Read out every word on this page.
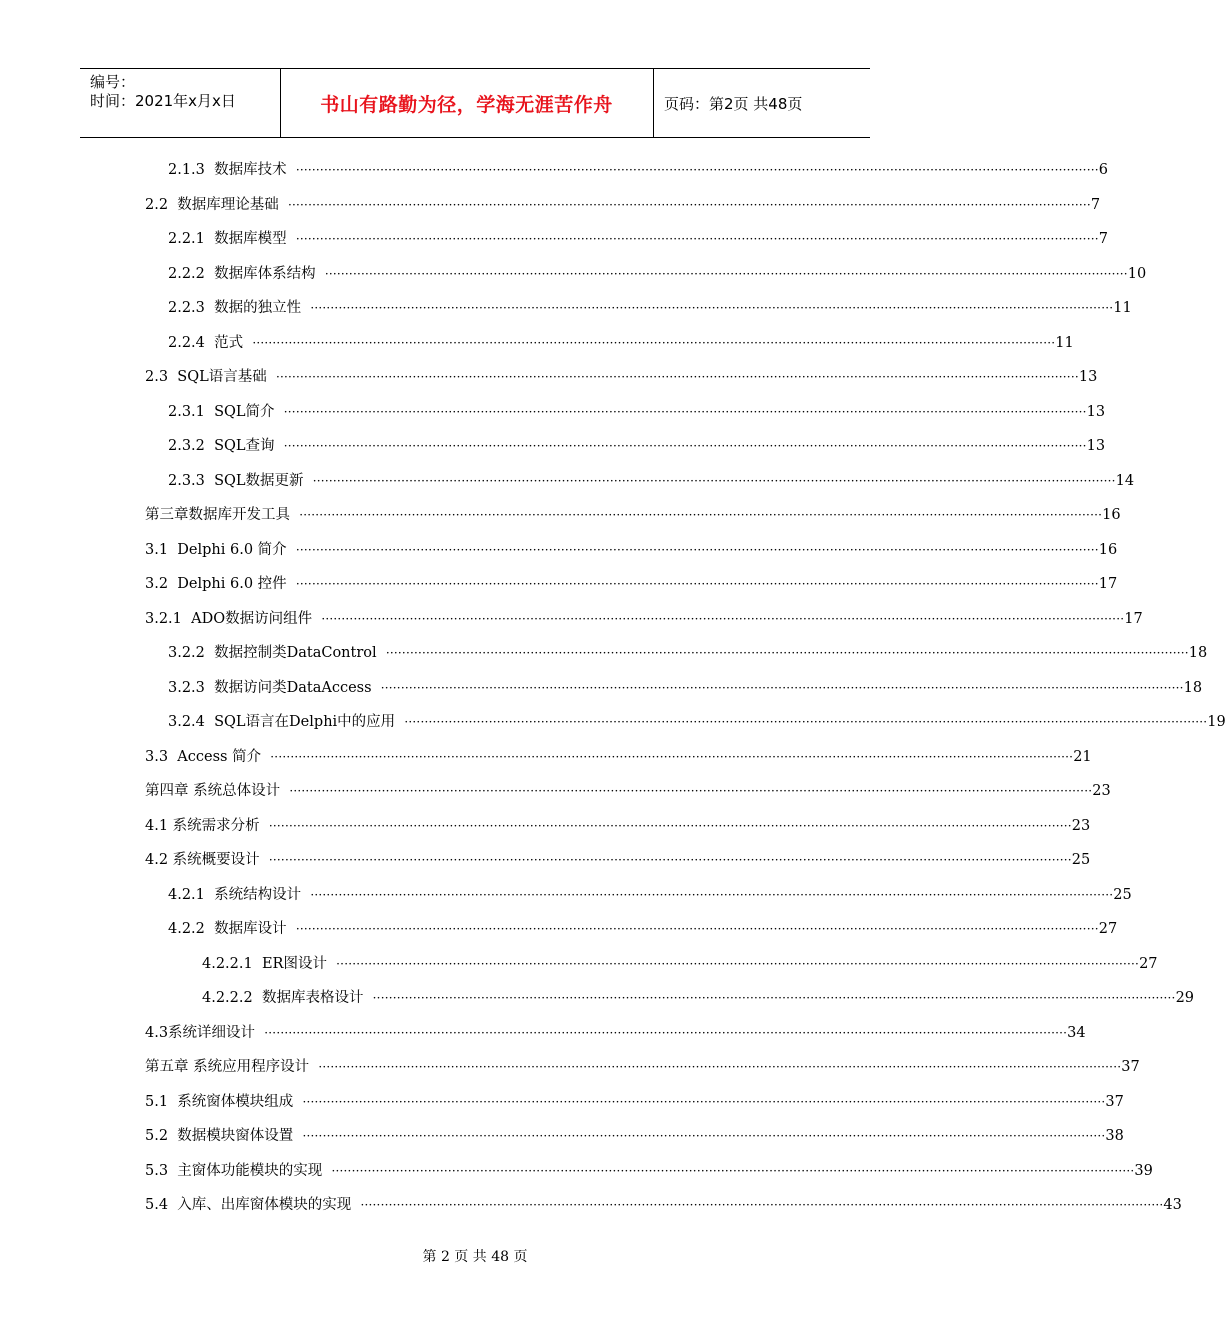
编号：
时间：2021年x月x日	书山有路勤为径，学海无涯苦作舟	页码：第2页 共48页
2.1.3  数据库技术 ········································································································································································································ 6
2.2  数据库理论基础 ········································································································································································································ 7
2.2.1  数据库模型 ········································································································································································································ 7
2.2.2  数据库体系结构 ········································································································································································································ 10
2.2.3  数据的独立性 ········································································································································································································ 11
2.2.4  范式 ········································································································································································································ 11
2.3  SQL语言基础 ········································································································································································································ 13
2.3.1  SQL简介 ········································································································································································································ 13
2.3.2  SQL查询 ········································································································································································································ 13
2.3.3  SQL数据更新 ········································································································································································································ 14
第三章数据库开发工具 ········································································································································································································ 16
3.1  Delphi 6.0 简介 ········································································································································································································ 16
3.2  Delphi 6.0 控件 ········································································································································································································ 17
3.2.1  ADO数据访问组件 ········································································································································································································ 17
3.2.2  数据控制类DataControl ········································································································································································································ 18
3.2.3  数据访问类DataAccess ········································································································································································································ 18
3.2.4  SQL语言在Delphi中的应用 ········································································································································································································ 19
3.3  Access 简介 ········································································································································································································ 21
第四章 系统总体设计 ········································································································································································································ 23
4.1 系统需求分析 ········································································································································································································ 23
4.2 系统概要设计 ········································································································································································································ 25
4.2.1  系统结构设计 ········································································································································································································ 25
4.2.2  数据库设计 ········································································································································································································ 27
4.2.2.1  ER图设计 ········································································································································································································ 27
4.2.2.2  数据库表格设计 ········································································································································································································ 29
4.3系统详细设计 ········································································································································································································ 34
第五章 系统应用程序设计 ········································································································································································································ 37
5.1  系统窗体模块组成 ········································································································································································································ 37
5.2  数据模块窗体设置 ········································································································································································································ 38
5.3  主窗体功能模块的实现 ········································································································································································································ 39
5.4  入库、出库窗体模块的实现 ········································································································································································································ 43
第 2 页 共 48 页
